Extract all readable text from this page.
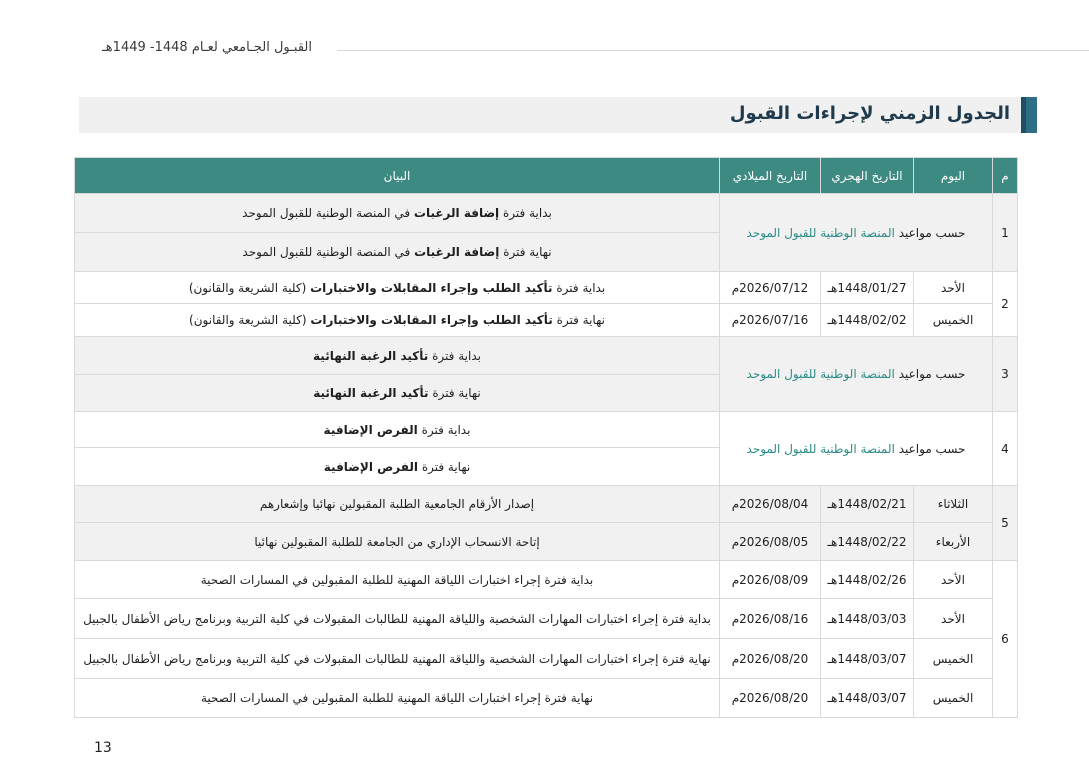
القبـول الجـامعي لعـام 1448- 1449هـ
الجدول الزمني لإجراءات القبول
م	اليوم	التاريخ الهجري	التاريخ الميلادي	البيان
1	حسب مواعيد المنصة الوطنية للقبول الموحد			بداية فترة إضافة الرغبات في المنصة الوطنية للقبول الموحد
				نهاية فترة إضافة الرغبات في المنصة الوطنية للقبول الموحد
2	الأحد	1448/01/27هـ	2026/07/12م	بداية فترة تأكيد الطلب وإجراء المقابلات والاختبارات (كلية الشريعة والقانون)
	الخميس	1448/02/02هـ	2026/07/16م	نهاية فترة تأكيد الطلب وإجراء المقابلات والاختبارات (كلية الشريعة والقانون)
3	حسب مواعيد المنصة الوطنية للقبول الموحد			بداية فترة تأكيد الرغبة النهائية
				نهاية فترة تأكيد الرغبة النهائية
4	حسب مواعيد المنصة الوطنية للقبول الموحد			بداية فترة الفرص الإضافية
				نهاية فترة الفرص الإضافية
5	الثلاثاء	1448/02/21هـ	2026/08/04م	إصدار الأرقام الجامعية الطلبة المقبولين نهائيا وإشعارهم
	الأربعاء	1448/02/22هـ	2026/08/05م	إتاحة الانسحاب الإداري من الجامعة للطلبة المقبولين نهائيا
6	الأحد	1448/02/26هـ	2026/08/09م	بداية فترة إجراء اختبارات اللياقة المهنية للطلبة المقبولين في المسارات الصحية
	الأحد	1448/03/03هـ	2026/08/16م	بداية فترة إجراء اختبارات المهارات الشخصية واللياقة المهنية للطالبات المقبولات في كلية التربية وبرنامج رياض الأطفال بالجبيل
	الخميس	1448/03/07هـ	2026/08/20م	نهاية فترة إجراء اختبارات المهارات الشخصية واللياقة المهنية للطالبات المقبولات في كلية التربية وبرنامج رياض الأطفال بالجبيل
	الخميس	1448/03/07هـ	2026/08/20م	نهاية فترة إجراء اختبارات اللياقة المهنية للطلبة المقبولين في المسارات الصحية
13
